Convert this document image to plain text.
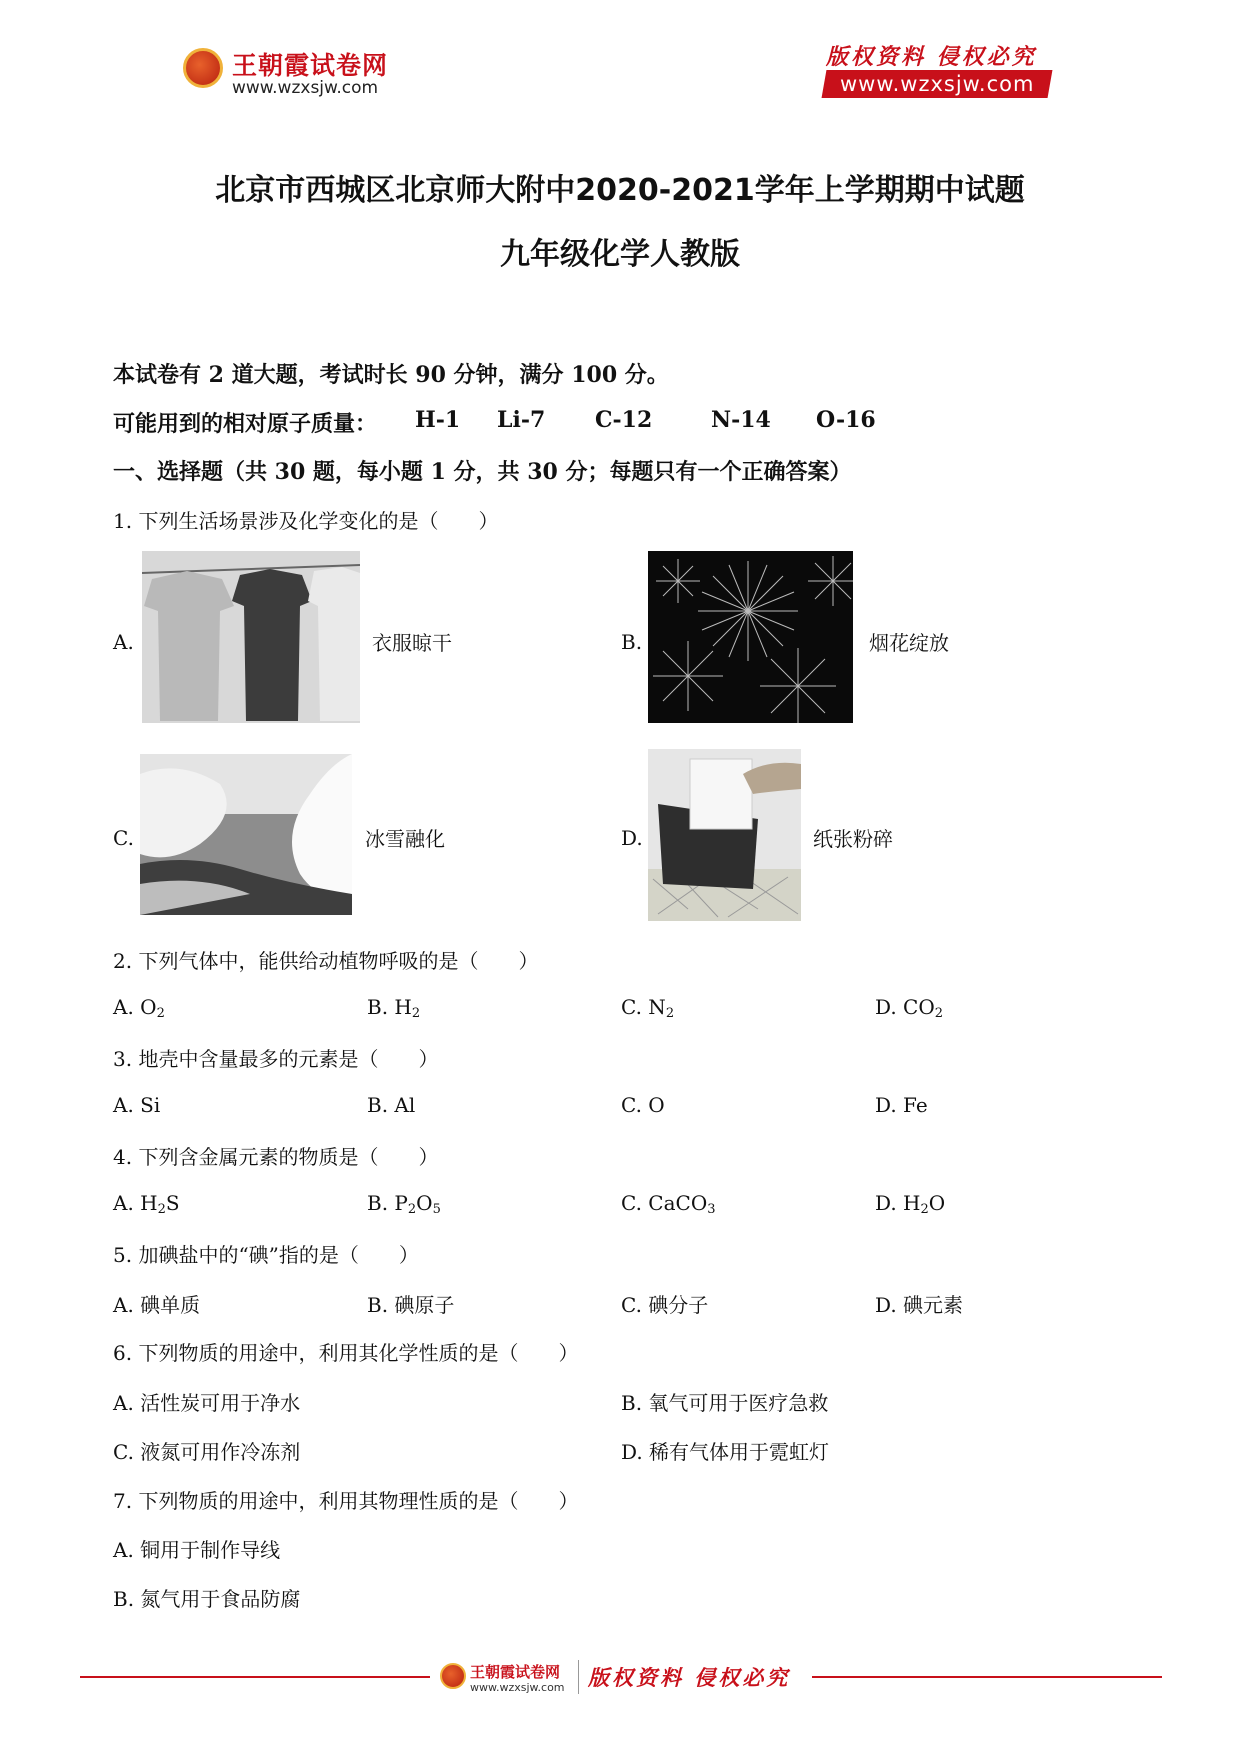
王朝霞试卷网
www.wzxsjw.com
版权资料 侵权必究
www.wzxsjw.com
北京市西城区北京师大附中2020-2021学年上学期期中试题
九年级化学人教版
本试卷有 2 道大题，考试时长 90 分钟，满分 100 分。
可能用到的相对原子质量： H-1 Li-7 C-12	N-14 O-16
一、选择题（共 30 题，每小题 1 分，共 30 分；每题只有一个正确答案）
1. 下列生活场景涉及化学变化的是（　　）
A.	衣服晾干	B.	烟花绽放
C.	冰雪融化	D.	纸张粉碎
2. 下列气体中，能供给动植物呼吸的是（　　）
A. $O_2$	B. $H_2$	C. $N_2$	D. $CO_2$
3. 地壳中含量最多的元素是（　　）
A. Si	B. Al	C. O	D. Fe
4. 下列含金属元素的物质是（　　）
A. $H_2S$	B. $P_2O_5$	C. CaCO$_3$	D. $H_2O$
5. 加碘盐中的“碘”指的是（　　）
A. 碘单质	B. 碘原子	C. 碘分子	D. 碘元素
6. 下列物质的用途中，利用其化学性质的是（　　）
A. 活性炭可用于净水	B. 氧气可用于医疗急救
C. 液氮可用作冷冻剂	D. 稀有气体用于霓虹灯
7. 下列物质的用途中，利用其物理性质的是（　　）
A. 铜用于制作导线
B. 氮气用于食品防腐
王朝霞试卷网
www.wzxsjw.com 版权资料 侵权必究
